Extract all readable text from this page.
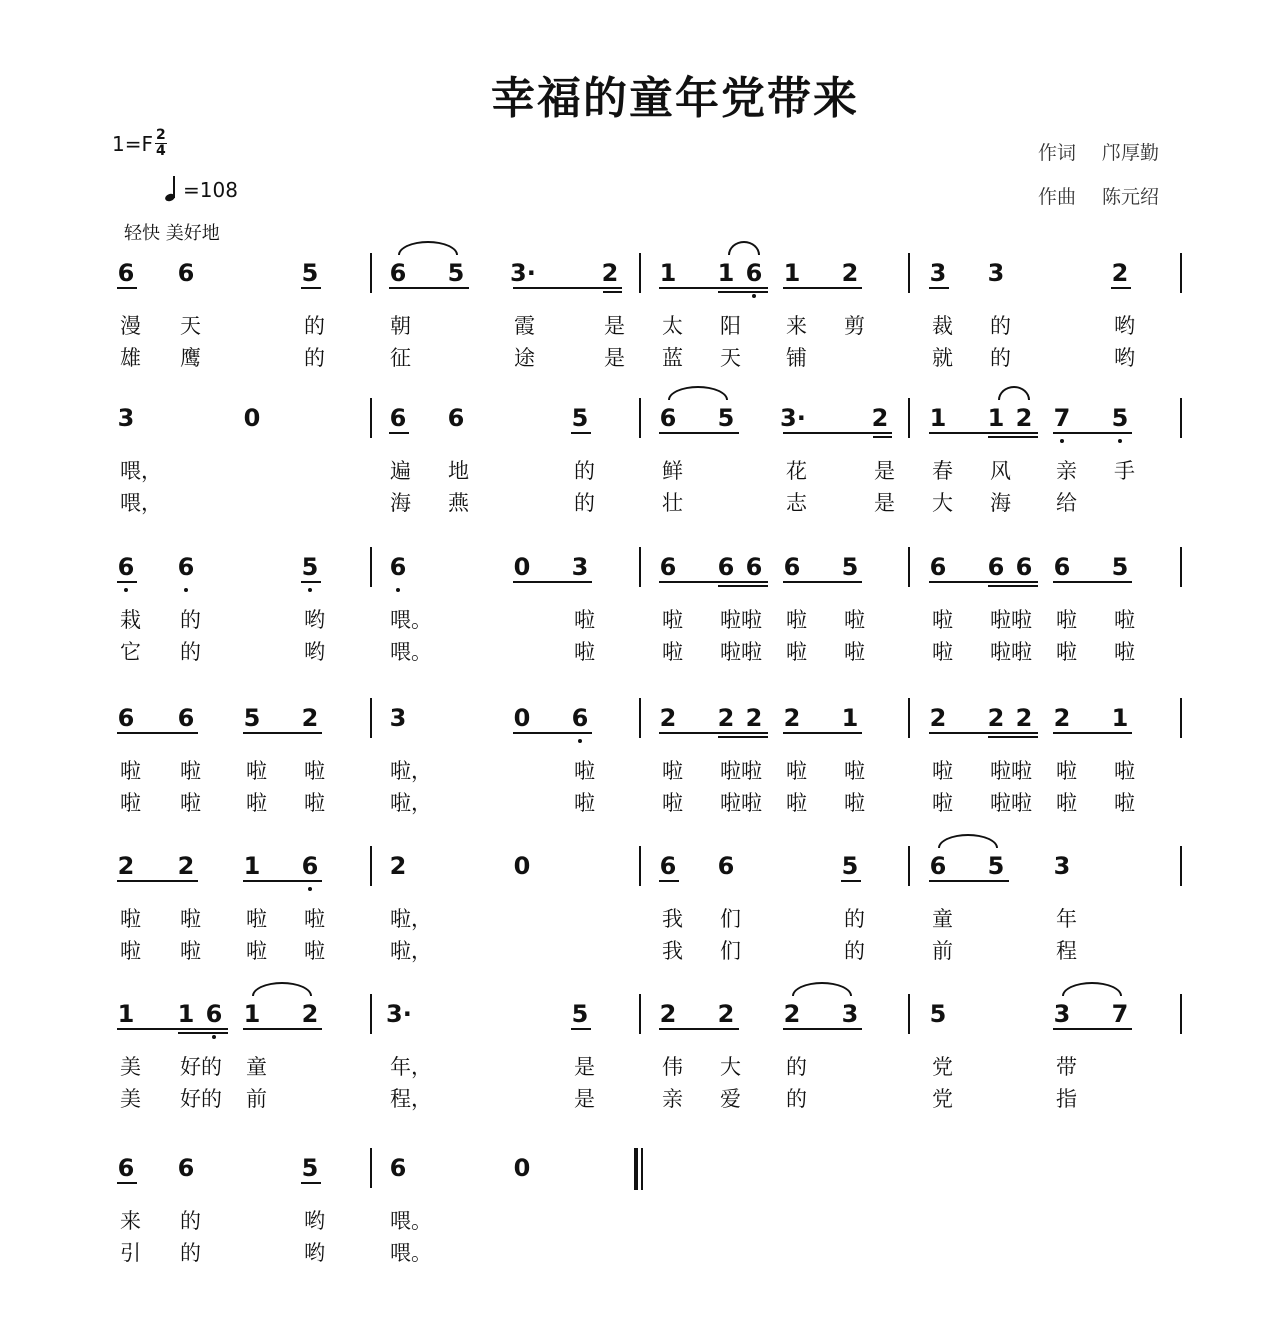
幸福的童年党带来
$1=F \frac{2}{4}$
=108
轻快 美好地
作词 邝厚勤
作曲 陈元绍
6 6	5	6 5 3·	2 1 1 6 1 2	3 3	2
漫 天	的	朝	霞	是 太 阳 来 剪	裁 的	哟
雄 鹰	的	征	途	是 蓝 天 铺	就 的	哟
3	0	6 6	5	6 5 3·	2 1 1 2 7 5
喂，	遍 地	的	鲜	花	是 春 风 亲 手
喂，	海 燕	的	壮	志	是 大 海 给
6 6	5	6	0 3	6 6 6 6 5	6 6 6 6 5
栽 的	哟	喂。	啦	啦 啦啦 啦 啦	啦 啦啦 啦 啦
它 的	哟	喂。	啦	啦 啦啦 啦 啦	啦 啦啦 啦 啦
6 6 5 2	3	0 6	2 2 2 2 1	2 2 2 2 1
啦 啦 啦 啦	啦，	啦	啦 啦啦 啦 啦	啦 啦啦 啦 啦
啦 啦 啦 啦	啦，	啦	啦 啦啦 啦 啦	啦 啦啦 啦 啦
2 2 1 6	2	0	6 6	5	6 5 3
啦 啦 啦 啦	啦，	我 们	的	童	年
啦 啦 啦 啦	啦，	我 们	的	前	程
1 1 6 1 2	3·	5	2 2 2 3	5	3 7
美 好的 童	年，	是	伟 大 的	党	带
美 好的 前	程，	是	亲 爱 的	党	指
6 6	5	6	0
来 的	哟	喂。
引 的	哟	喂。
